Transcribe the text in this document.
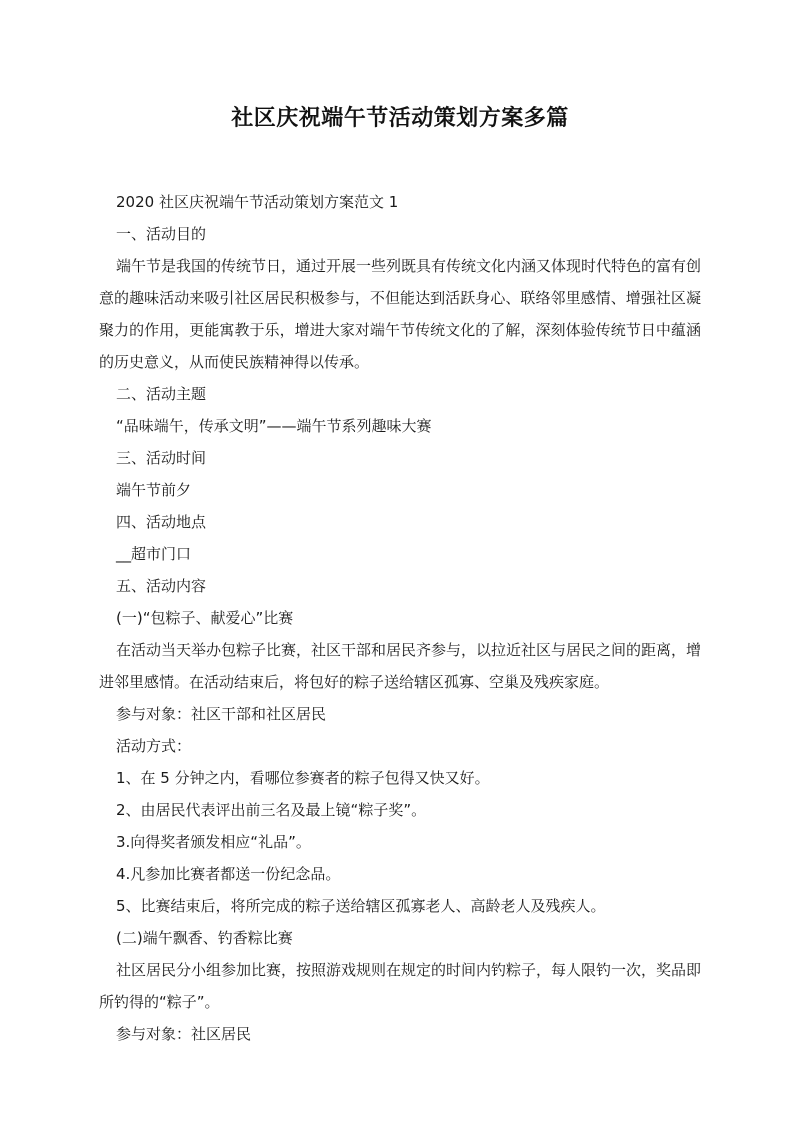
社区庆祝端午节活动策划方案多篇

2020 社区庆祝端午节活动策划方案范文 1

一、活动目的

端午节是我国的传统节日，通过开展一些列既具有传统文化内涵又体现时代特色的富有创意的趣味活动来吸引社区居民积极参与，不但能达到活跃身心、联络邻里感情、增强社区凝聚力的作用，更能寓教于乐，增进大家对端午节传统文化的了解，深刻体验传统节日中蕴涵的历史意义，从而使民族精神得以传承。

二、活动主题

“品味端午，传承文明”——端午节系列趣味大赛

三、活动时间

端午节前夕

四、活动地点

__超市门口

五、活动内容

(一)“包粽子、献爱心”比赛

在活动当天举办包粽子比赛，社区干部和居民齐参与，以拉近社区与居民之间的距离，增进邻里感情。在活动结束后，将包好的粽子送给辖区孤寡、空巢及残疾家庭。

参与对象：社区干部和社区居民

活动方式：

1、在 5 分钟之内，看哪位参赛者的粽子包得又快又好。

2、由居民代表评出前三名及最上镜“粽子奖”。

3.向得奖者颁发相应“礼品”。

4.凡参加比赛者都送一份纪念品。

5、比赛结束后，将所完成的粽子送给辖区孤寡老人、高龄老人及残疾人。

(二)端午飘香、钓香粽比赛

社区居民分小组参加比赛，按照游戏规则在规定的时间内钓粽子，每人限钓一次，奖品即所钓得的“粽子”。

参与对象：社区居民
